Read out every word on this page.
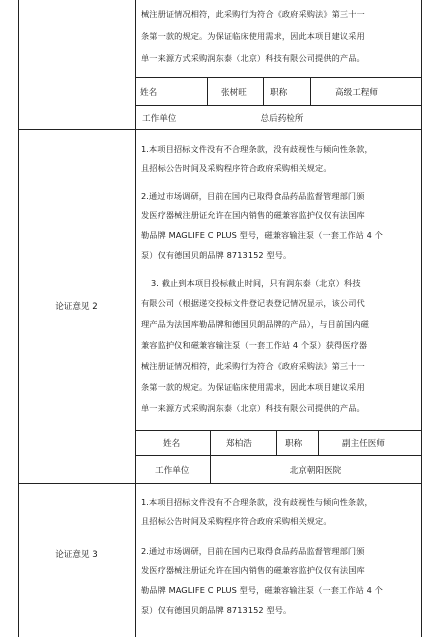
械注册证情况相符，此采购行为符合《政府采购法》第三十一
条第一款的规定。为保证临床使用需求，因此本项目建议采用
单一来源方式采购润东泰（北京）科技有限公司提供的产品。
姓名	张树旺	职称	高级工程师
工作单位	总后药检所
论证意见 2
1.本项目招标文件没有不合理条款，没有歧视性与倾向性条款，
且招标公告时间及采购程序符合政府采购相关规定。
2.通过市场调研，目前在国内已取得食品药品监督管理部门颁
发医疗器械注册证允许在国内销售的磁兼容监护仪仅有法国库
勒品牌 MAGLIFE C PLUS 型号，磁兼容输注泵（一套工作站 4 个
泵）仅有德国贝朗品牌 8713152 型号。
3. 截止到本项目投标截止时间，只有润东泰（北京）科技
有限公司（根据递交投标文件登记表登记情况显示，该公司代
理产品为法国库勒品牌和德国贝朗品牌的产品），与目前国内磁
兼容监护仪和磁兼容输注泵（一套工作站 4 个泵）获得医疗器
械注册证情况相符，此采购行为符合《政府采购法》第三十一
条第一款的规定。为保证临床使用需求，因此本项目建议采用
单一来源方式采购润东泰（北京）科技有限公司提供的产品。
姓名	郑柏浩	职称	副主任医师
工作单位	北京朝阳医院
论证意见 3
1.本项目招标文件没有不合理条款，没有歧视性与倾向性条款，
且招标公告时间及采购程序符合政府采购相关规定。
2.通过市场调研，目前在国内已取得食品药品监督管理部门颁
发医疗器械注册证允许在国内销售的磁兼容监护仪仅有法国库
勒品牌 MAGLIFE C PLUS 型号，磁兼容输注泵（一套工作站 4 个
泵）仅有德国贝朗品牌 8713152 型号。
